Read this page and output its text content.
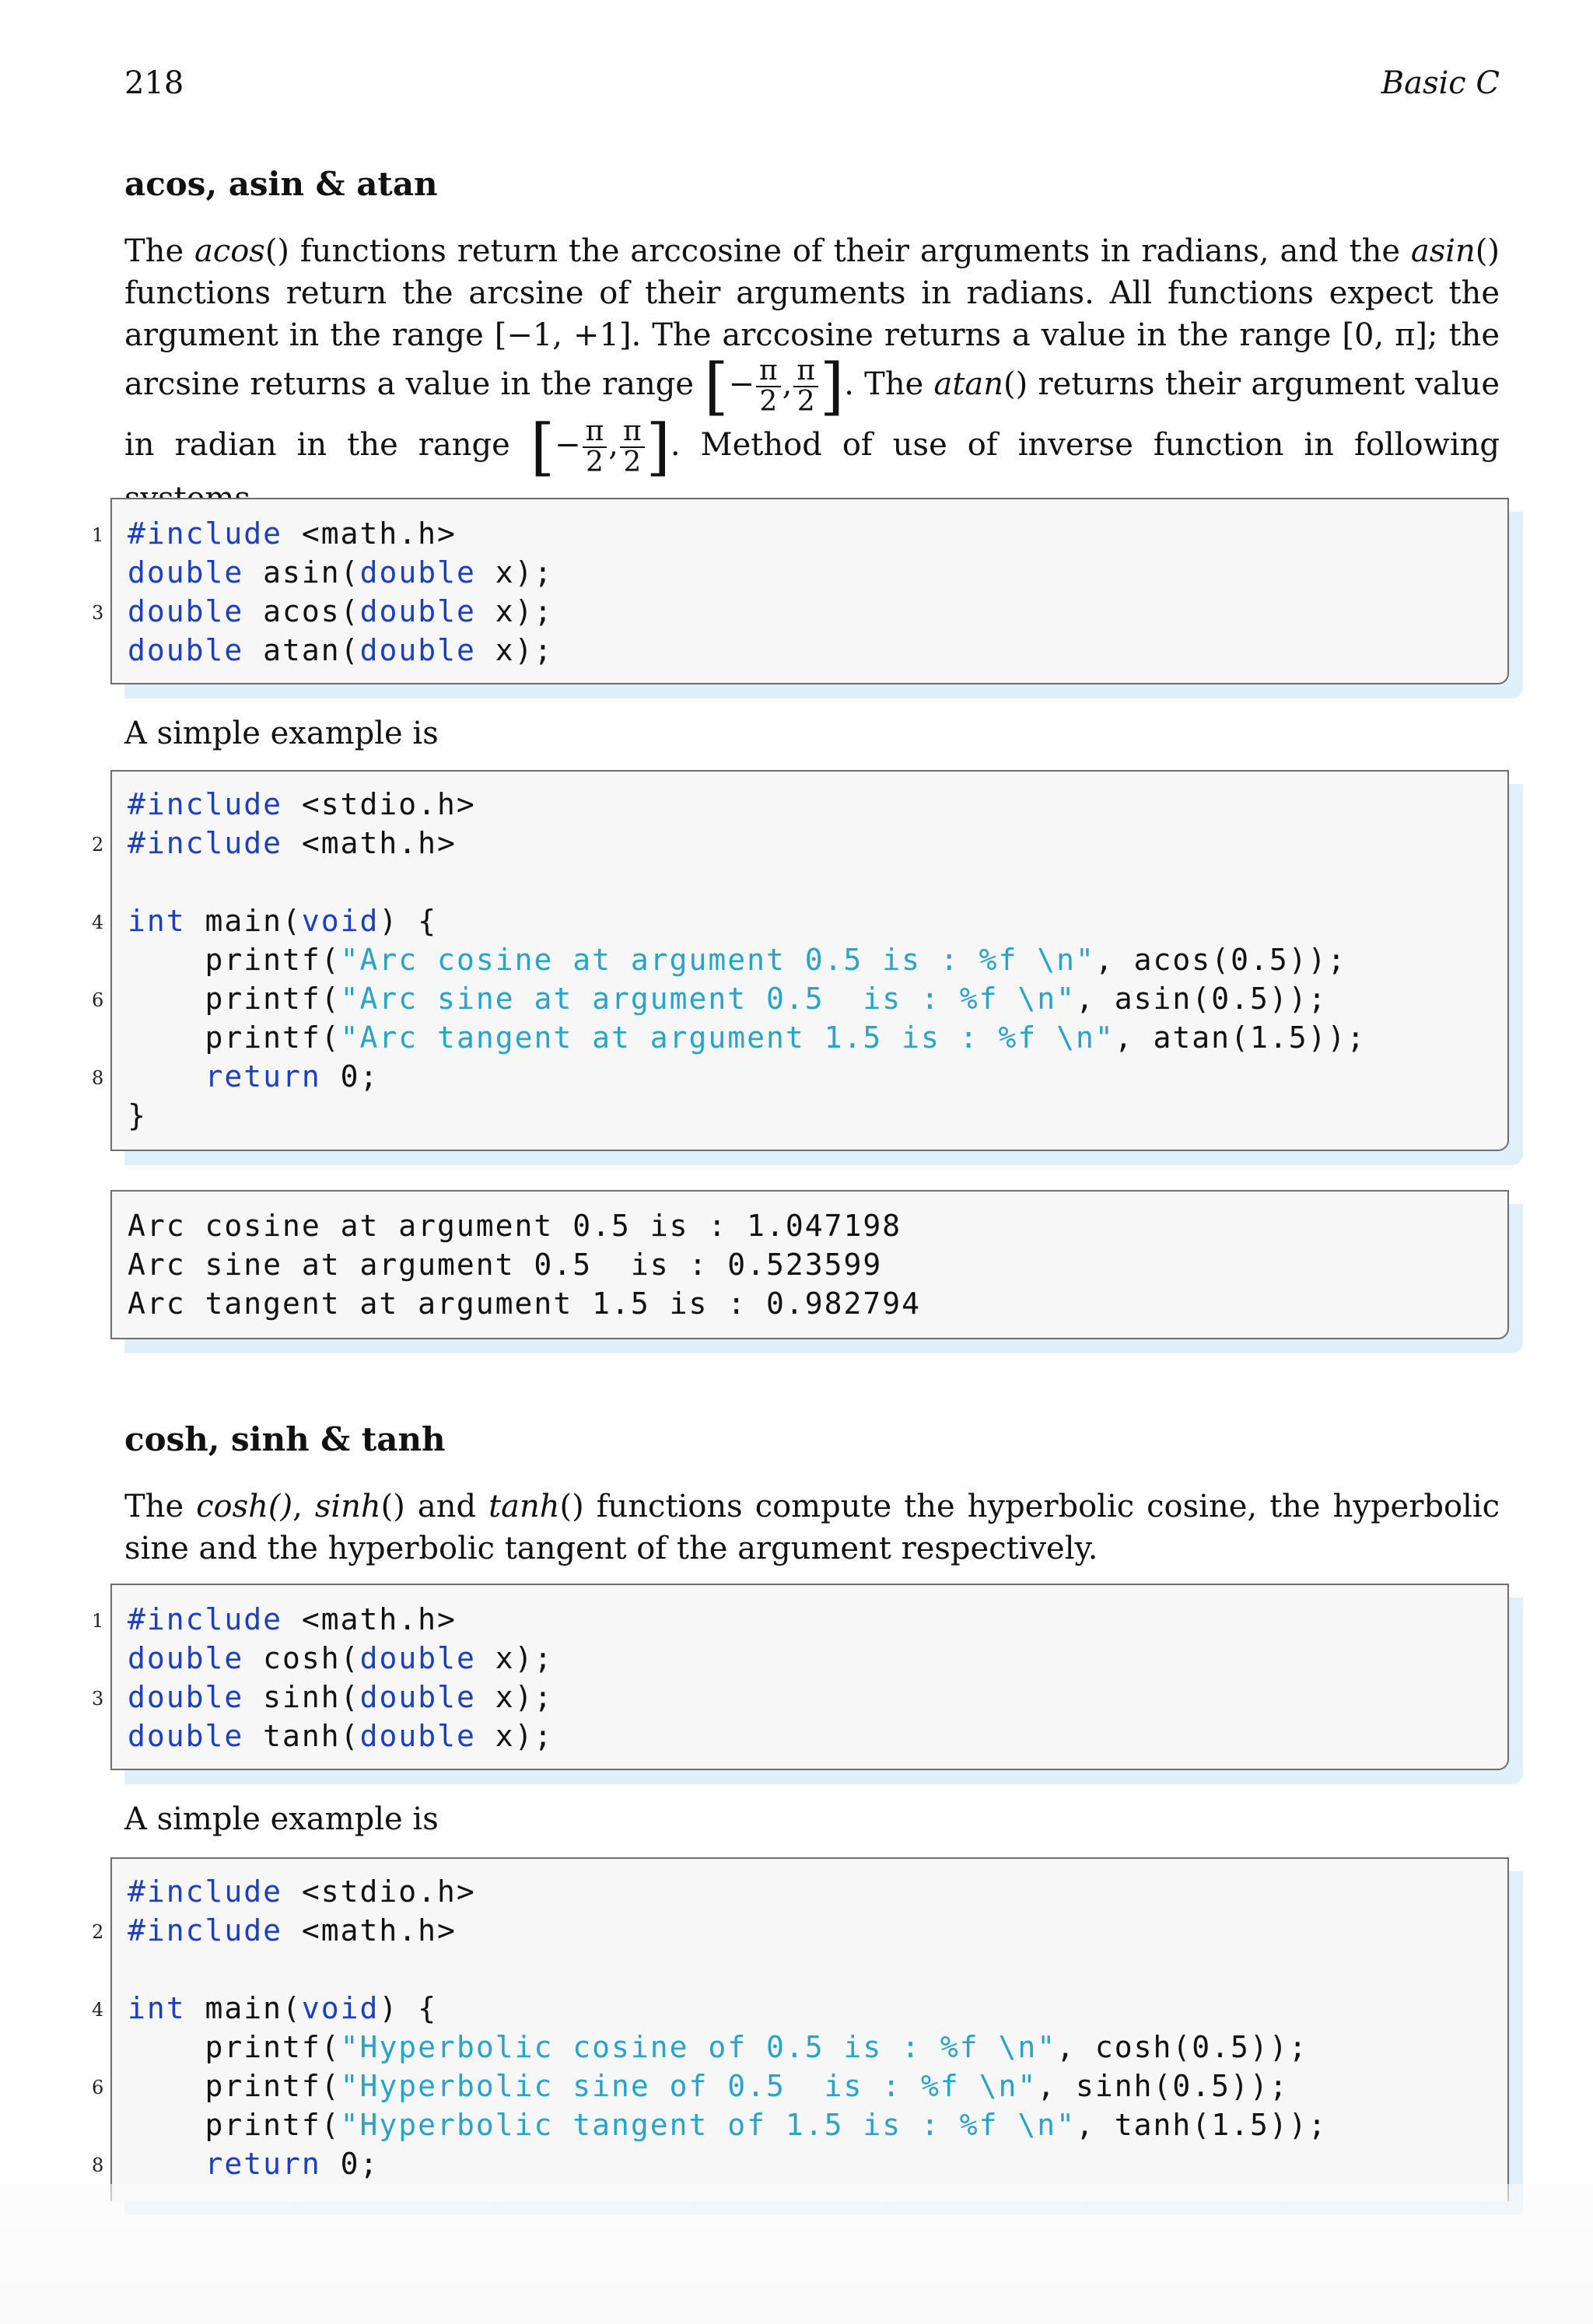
218	Basic C
acos, asin & atan

The acos() functions return the arccosine of their arguments in radians, and the asin() functions return the arcsine of their arguments in radians. All functions expect the argument in the range [−1, +1]. The arccosine returns a value in the range [0, π]; the arcsine returns a value in the range [− $\frac{\pi}{2}$ , $\frac{\pi}{2}$ ]. The atan() returns their argument value in radian in the range [− $\frac{\pi}{2}$ , $\frac{\pi}{2}$ ]. Method of use of inverse function in following

#include <math.h>
double asin(double x);
double acos(double x);
double atan(double x);

A simple example is

#include <stdio.h>
#include <math.h>
int main(void) {
printf("Arc cosine at argument 0.5 is : %f \n", acos(0.5));
printf("Arc sine at argument 0.5  is : %f \n", asin(0.5));
printf("Arc tangent at argument 1.5 is : %f \n", atan(1.5));
return 0;
}
Arc cosine at argument 0.5 is : 1.047198
Arc sine at argument 0.5  is : 0.523599
Arc tangent at argument 1.5 is : 0.982794
cosh, sinh & tanh

The cosh(), sinh() and tanh() functions compute the hyperbolic cosine, the hyperbolic sine and the hyperbolic tangent of the argument respectively.

#include <math.h>
double cosh(double x);
double sinh(double x);
double tanh(double x);

A simple example is

#include <stdio.h>
#include <math.h>
int main(void) {
printf("Hyperbolic cosine of 0.5 is : %f \n", cosh(0.5));
printf("Hyperbolic sine of 0.5  is : %f \n", sinh(0.5));
printf("Hyperbolic tangent of 1.5 is : %f \n", tanh(1.5));
return 0;
1
3
2
4
6
8
1
3
2
4
6
8
